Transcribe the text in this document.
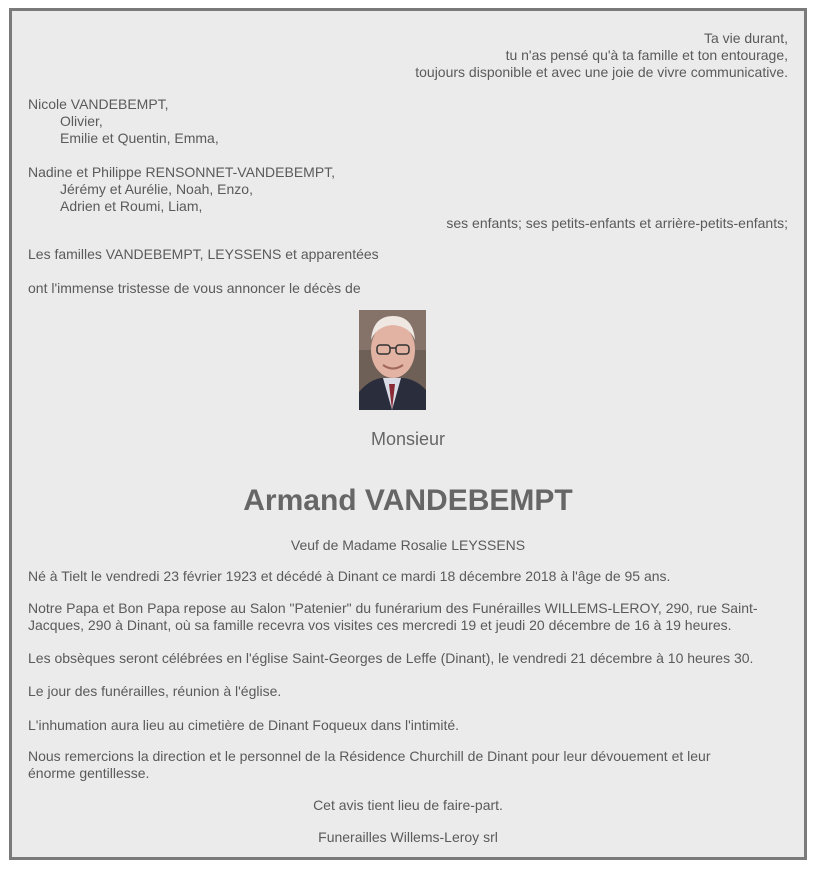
Ta vie durant,
tu n'as pensé qu'à ta famille et ton entourage,
toujours disponible et avec une joie de vivre communicative.
Nicole VANDEBEMPT,
Olivier,
Emilie et Quentin, Emma,
Nadine et Philippe RENSONNET-VANDEBEMPT,
Jérémy et Aurélie, Noah, Enzo,
Adrien et Roumi, Liam,
ses enfants; ses petits-enfants et arrière-petits-enfants;
Les familles VANDEBEMPT, LEYSSENS et apparentées
ont l'immense tristesse de vous annoncer le décès de
Monsieur
Armand VANDEBEMPT
Veuf de Madame Rosalie LEYSSENS
Né à Tielt le vendredi 23 février 1923 et décédé à Dinant ce mardi 18 décembre 2018 à l'âge de 95 ans.
Notre Papa et Bon Papa repose au Salon "Patenier" du funérarium des Funérailles WILLEMS-LEROY, 290, rue Saint-Jacques, 290 à Dinant, où sa famille recevra vos visites ces mercredi 19 et jeudi 20 décembre de 16 à 19 heures.
Les obsèques seront célébrées en l'église Saint-Georges de Leffe (Dinant), le vendredi 21 décembre à 10 heures 30.
Le jour des funérailles, réunion à l'église.
L'inhumation aura lieu au cimetière de Dinant Foqueux dans l'intimité.
Nous remercions la direction et le personnel de la Résidence Churchill de Dinant pour leur dévouement et leur énorme gentillesse.
Cet avis tient lieu de faire-part.
Funerailles Willems-Leroy srl
